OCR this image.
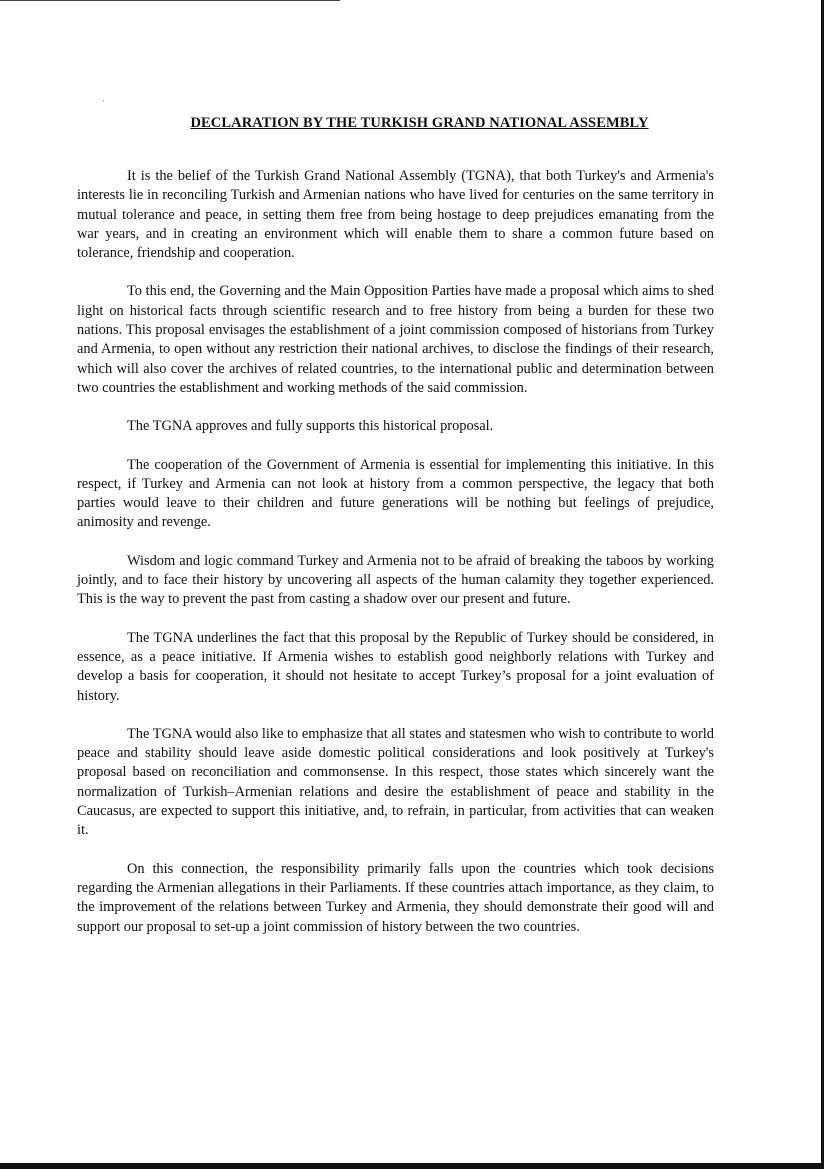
DECLARATION BY THE TURKISH GRAND NATIONAL ASSEMBLY

It is the belief of the Turkish Grand National Assembly (TGNA), that both Turkey's and Armenia's interests lie in reconciling Turkish and Armenian nations who have lived for centuries on the same territory in mutual tolerance and peace, in setting them free from being hostage to deep prejudices emanating from the war years, and in creating an environment which will enable them to share a common future based on tolerance, friendship and cooperation.

To this end, the Governing and the Main Opposition Parties have made a proposal which aims to shed light on historical facts through scientific research and to free history from being a burden for these two nations. This proposal envisages the establishment of a joint commission composed of historians from Turkey and Armenia, to open without any restriction their national archives, to disclose the findings of their research, which will also cover the archives of related countries, to the international public and determination between two countries the establishment and working methods of the said commission.

The TGNA approves and fully supports this historical proposal.

The cooperation of the Government of Armenia is essential for implementing this initiative. In this respect, if Turkey and Armenia can not look at history from a common perspective, the legacy that both parties would leave to their children and future generations will be nothing but feelings of prejudice, animosity and revenge.

Wisdom and logic command Turkey and Armenia not to be afraid of breaking the taboos by working jointly, and to face their history by uncovering all aspects of the human calamity they together experienced. This is the way to prevent the past from casting a shadow over our present and future.

The TGNA underlines the fact that this proposal by the Republic of Turkey should be considered, in essence, as a peace initiative. If Armenia wishes to establish good neighborly relations with Turkey and develop a basis for cooperation, it should not hesitate to accept Turkey’s proposal for a joint evaluation of history.

The TGNA would also like to emphasize that all states and statesmen who wish to contribute to world peace and stability should leave aside domestic political considerations and look positively at Turkey's proposal based on reconciliation and commonsense. In this respect, those states which sincerely want the normalization of Turkish–Armenian relations and desire the establishment of peace and stability in the Caucasus, are expected to support this initiative, and, to refrain, in particular, from activities that can weaken it.

On this connection, the responsibility primarily falls upon the countries which took decisions regarding the Armenian allegations in their Parliaments. If these countries attach importance, as they claim, to the improvement of the relations between Turkey and Armenia, they should demonstrate their good will and support our proposal to set-up a joint commission of history between the two countries.
